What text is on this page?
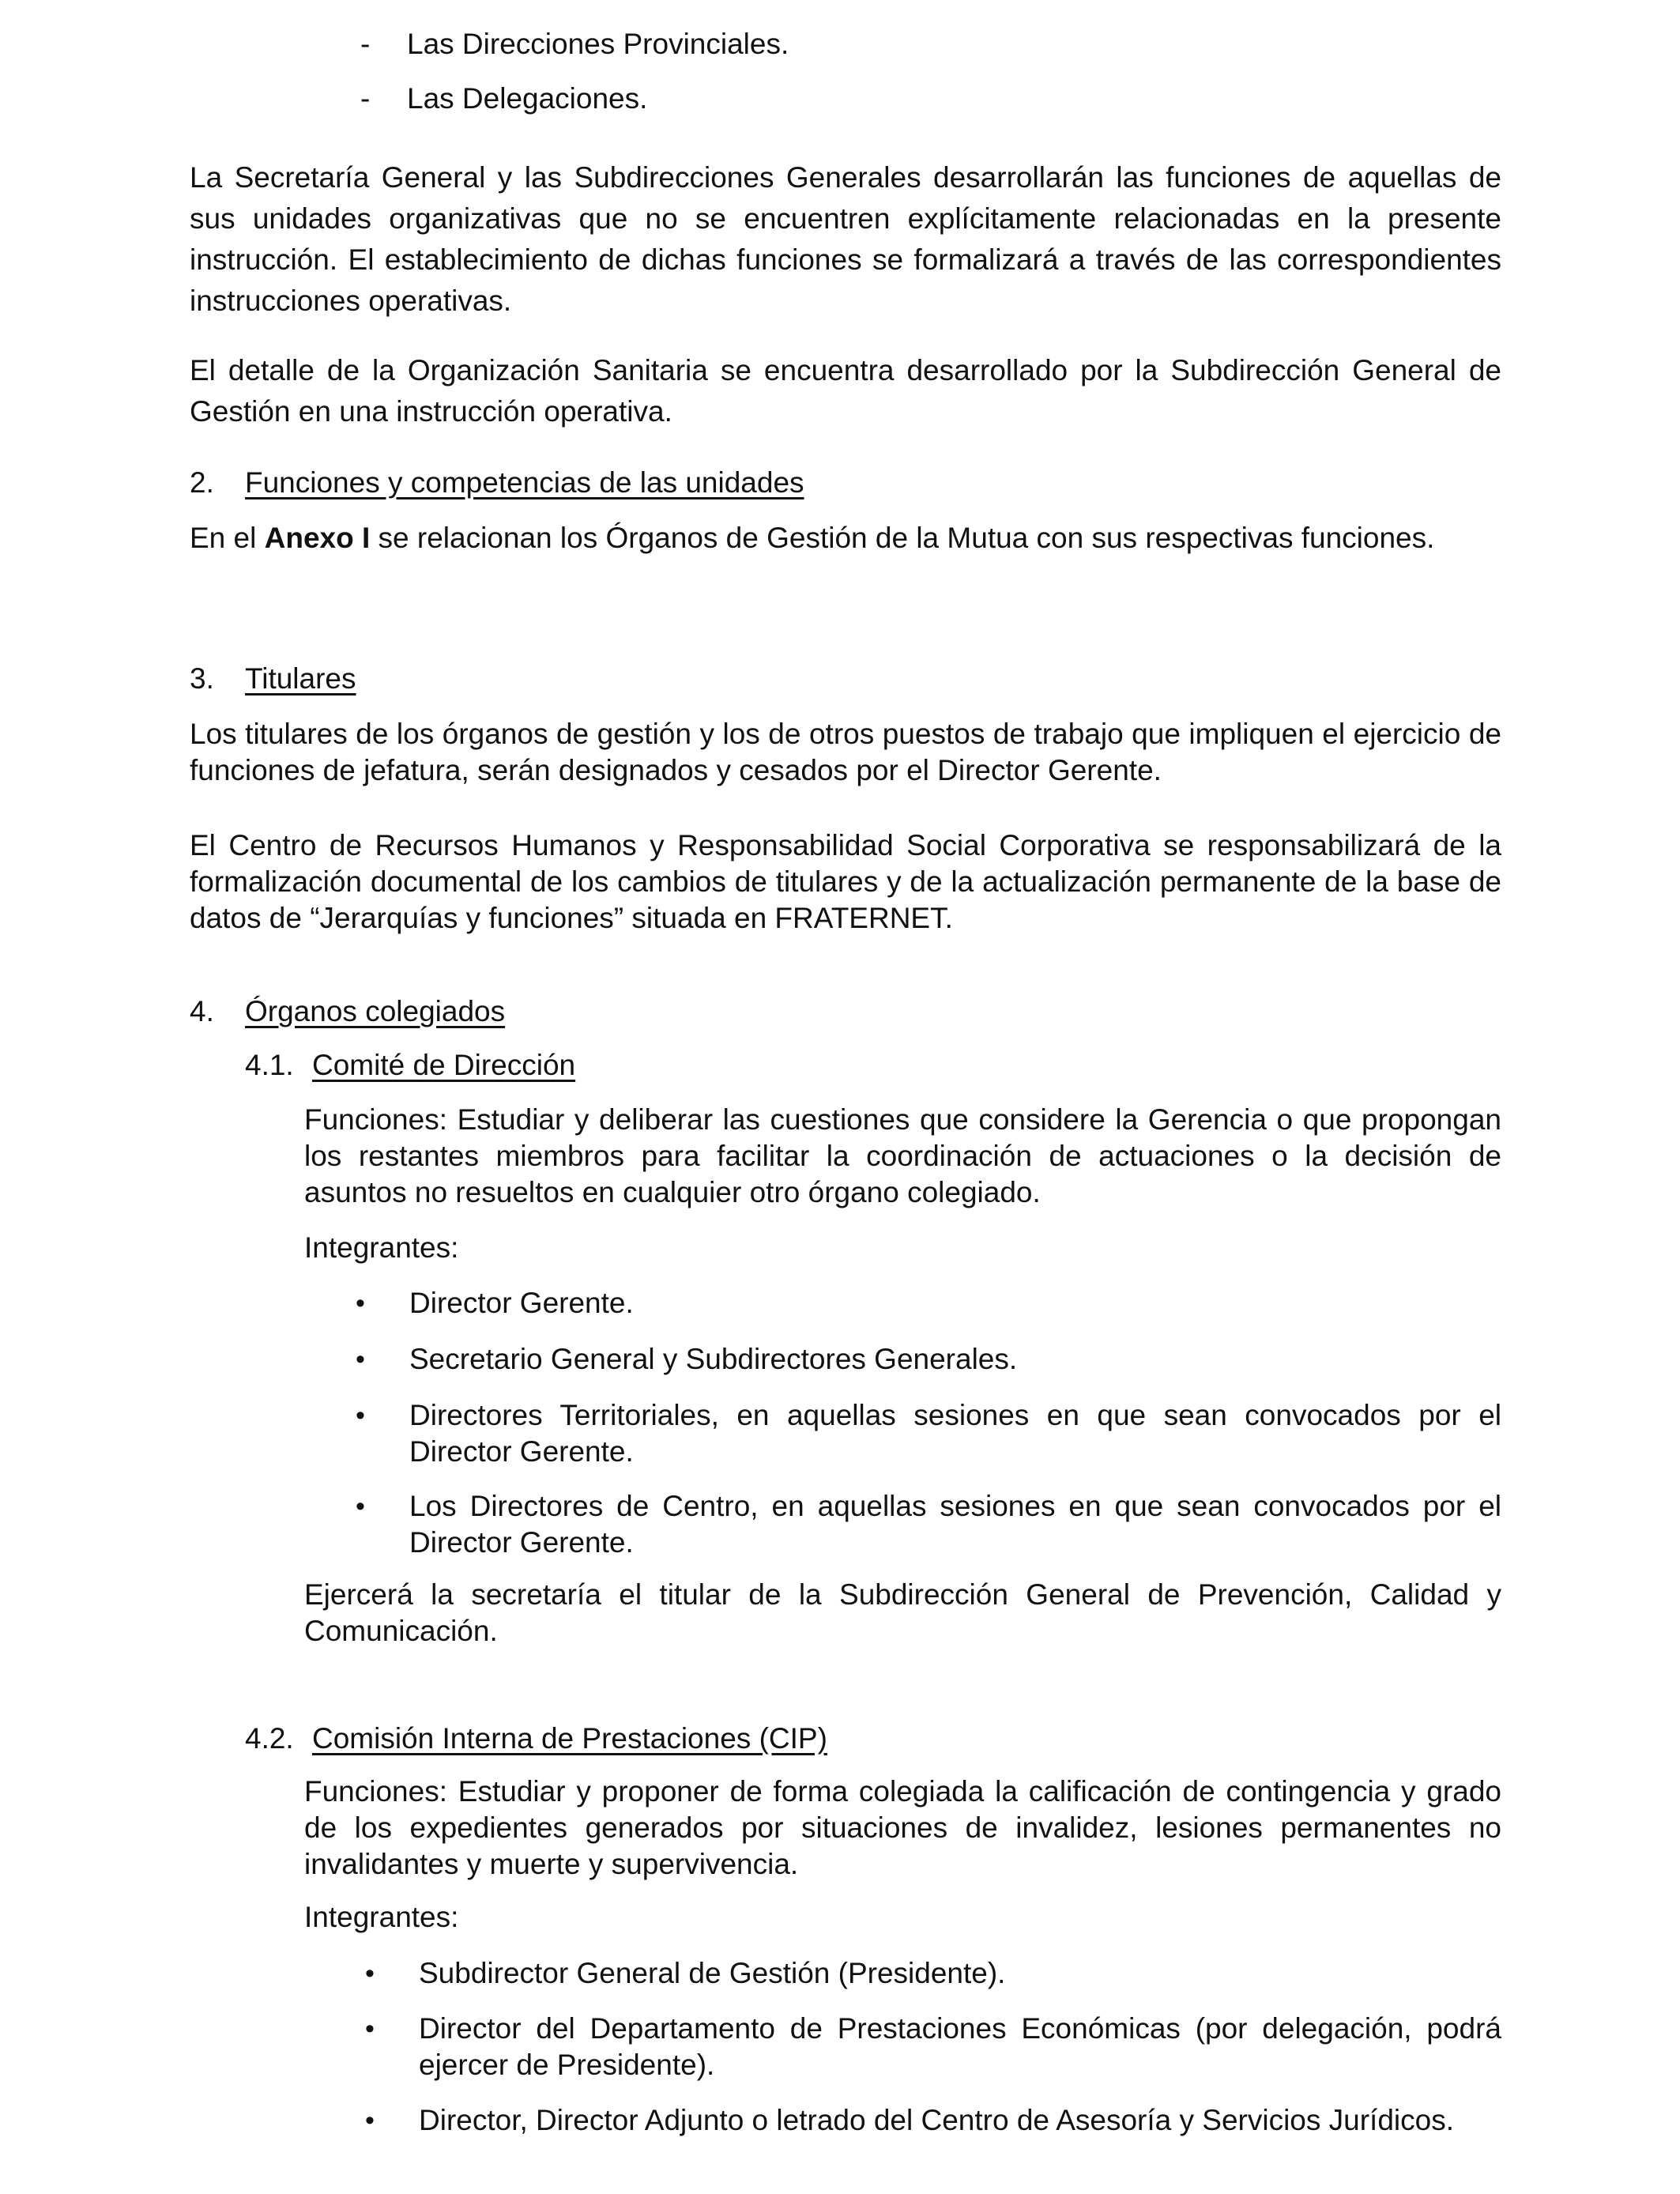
- Las Direcciones Provinciales.
- Las Delegaciones.
La Secretaría General y las Subdirecciones Generales desarrollarán las funciones de aquellas de sus unidades organizativas que no se encuentren explícitamente relacionadas en la presente instrucción. El establecimiento de dichas funciones se formalizará a través de las correspondientes instrucciones operativas.
El detalle de la Organización Sanitaria se encuentra desarrollado por la Subdirección General de Gestión en una instrucción operativa.
2. Funciones y competencias de las unidades
En el Anexo I se relacionan los Órganos de Gestión de la Mutua con sus respectivas funciones.
3. Titulares
Los titulares de los órganos de gestión y los de otros puestos de trabajo que impliquen el ejercicio de funciones de jefatura, serán designados y cesados por el Director Gerente.
El Centro de Recursos Humanos y Responsabilidad Social Corporativa se responsabilizará de la formalización documental de los cambios de titulares y de la actualización permanente de la base de datos de “Jerarquías y funciones” situada en FRATERNET.
4. Órganos colegiados
4.1. Comité de Dirección
Funciones: Estudiar y deliberar las cuestiones que considere la Gerencia o que propongan los restantes miembros para facilitar la coordinación de actuaciones o la decisión de asuntos no resueltos en cualquier otro órgano colegiado.
Integrantes:
• Director Gerente.
• Secretario General y Subdirectores Generales.
• Directores Territoriales, en aquellas sesiones en que sean convocados por el Director Gerente.
• Los Directores de Centro, en aquellas sesiones en que sean convocados por el Director Gerente.
Ejercerá la secretaría el titular de la Subdirección General de Prevención, Calidad y Comunicación.
4.2. Comisión Interna de Prestaciones (CIP)
Funciones: Estudiar y proponer de forma colegiada la calificación de contingencia y grado de los expedientes generados por situaciones de invalidez, lesiones permanentes no invalidantes y muerte y supervivencia.
Integrantes:
• Subdirector General de Gestión (Presidente).
• Director del Departamento de Prestaciones Económicas (por delegación, podrá ejercer de Presidente).
• Director, Director Adjunto o letrado del Centro de Asesoría y Servicios Jurídicos.
